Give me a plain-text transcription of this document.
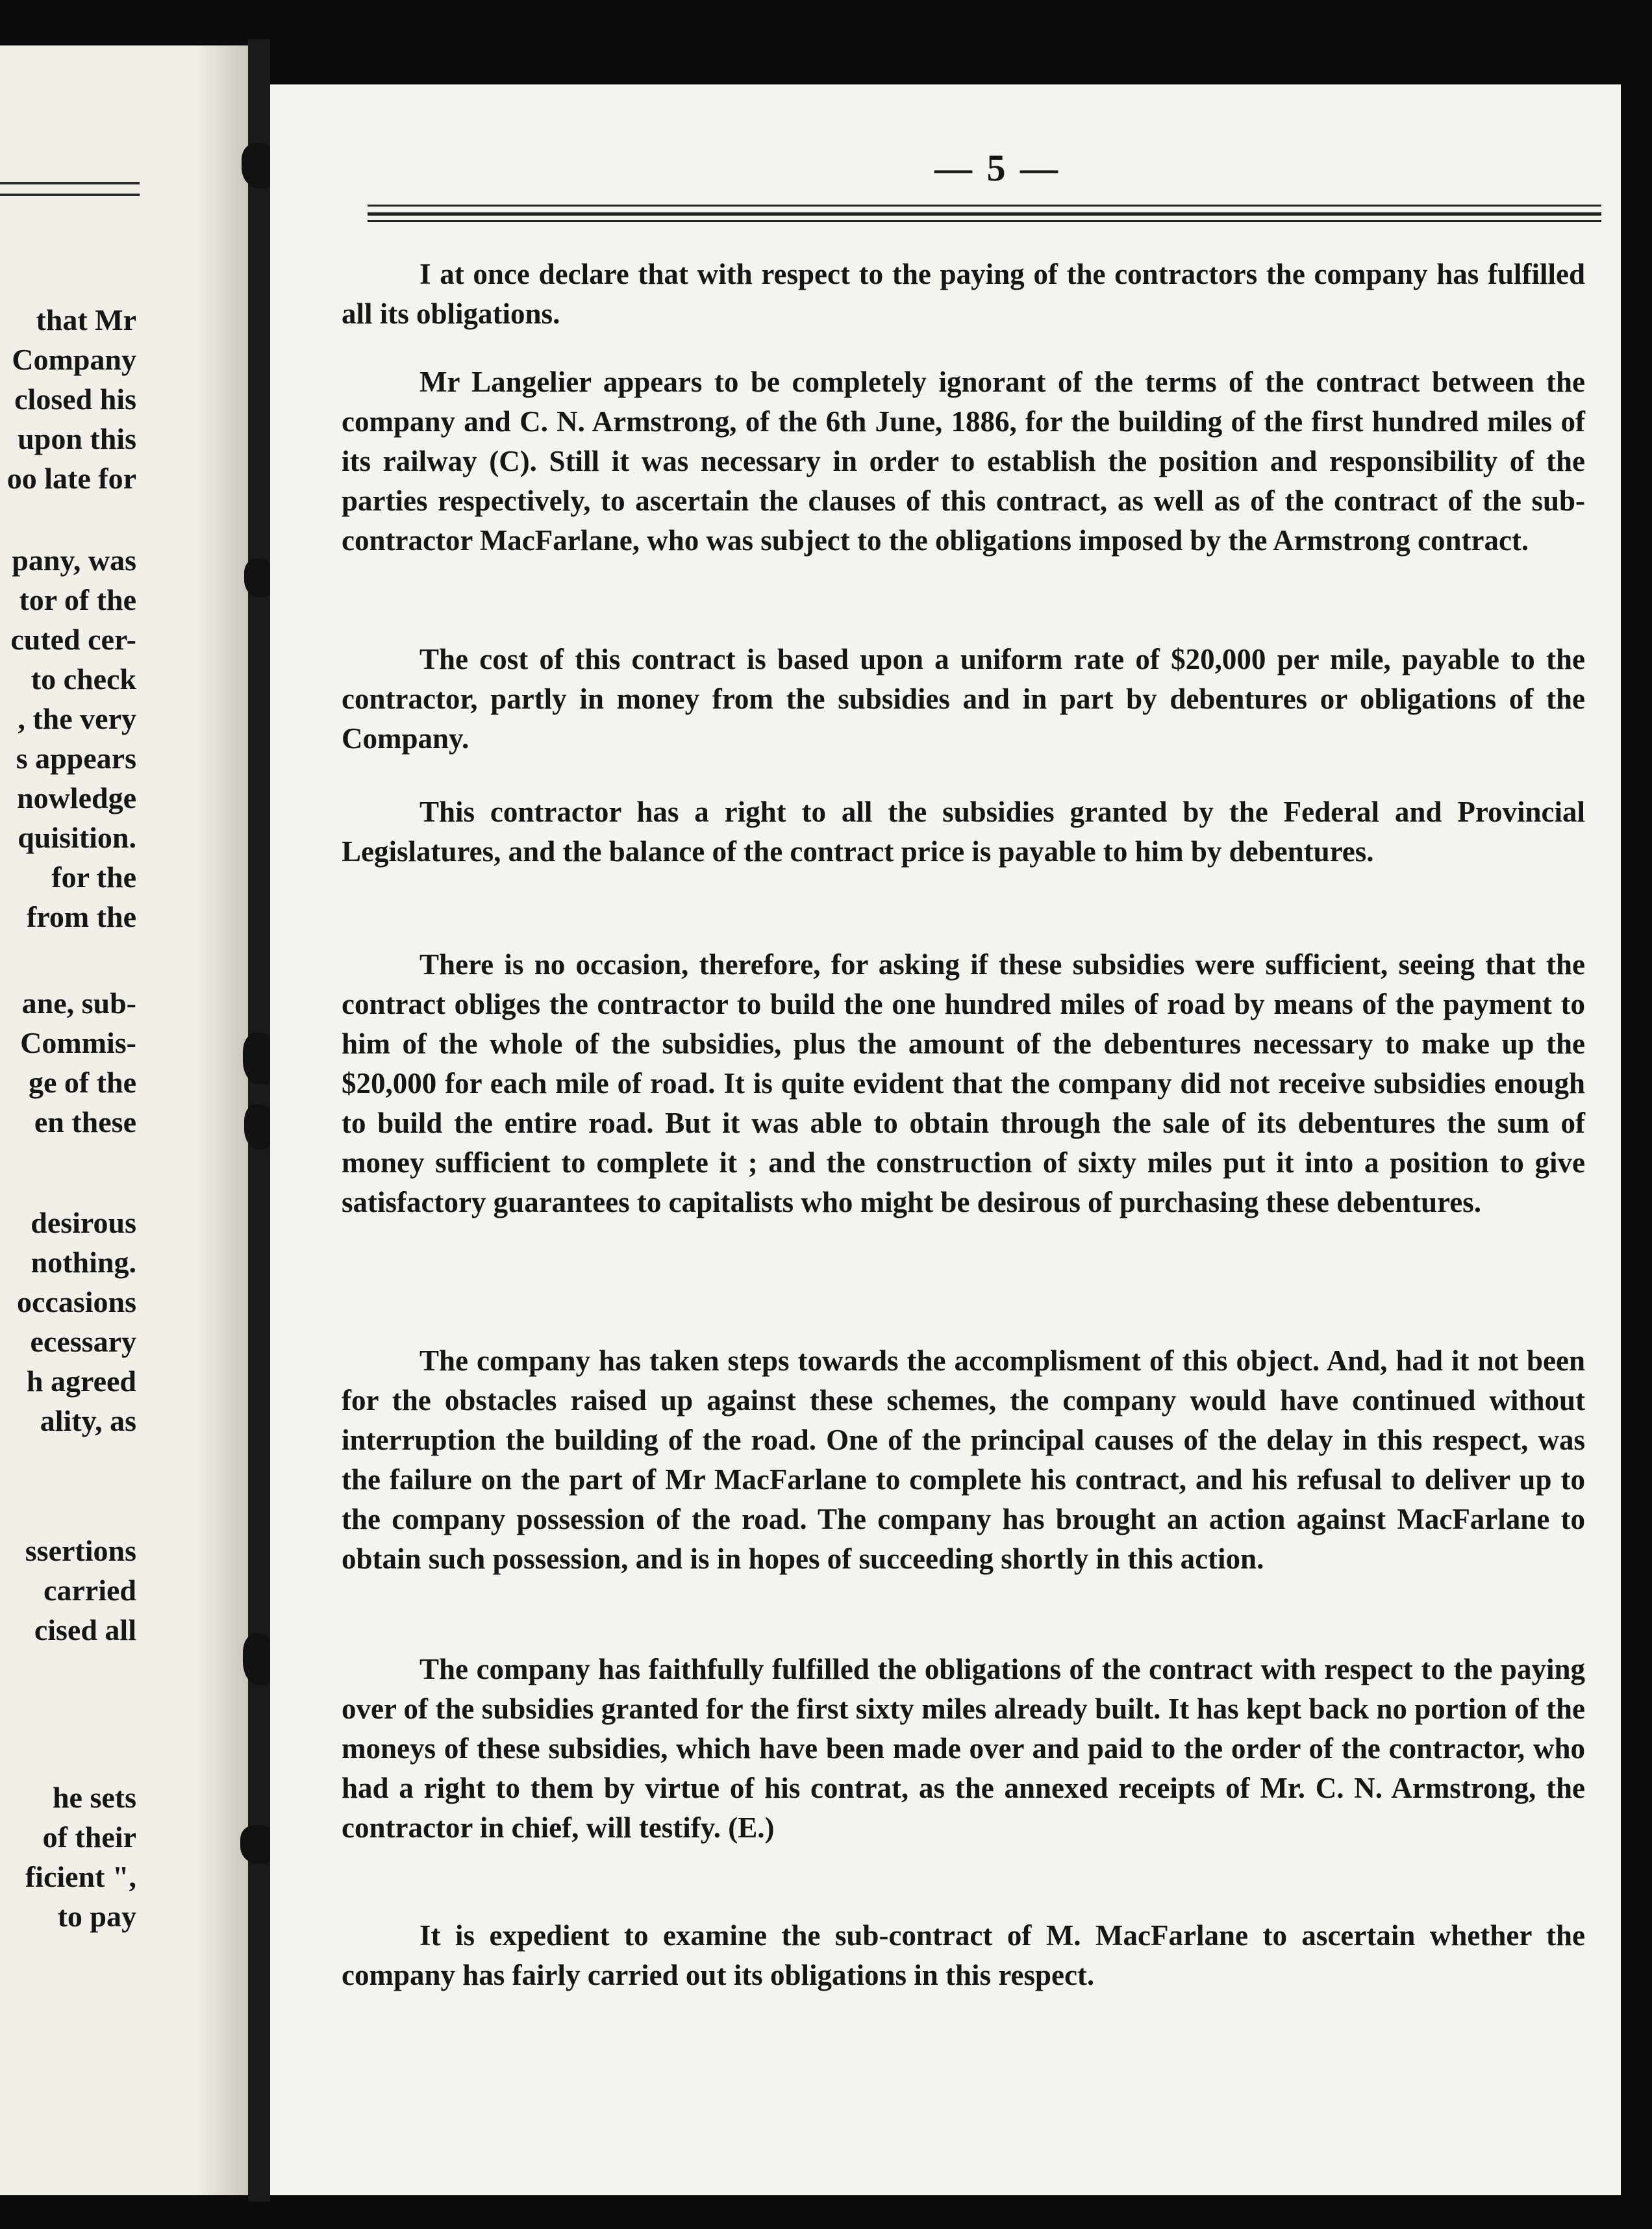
that Mr
Company
closed his
upon this
oo late for
pany, was
tor of the
cuted cer-
to check
, the very
s appears
nowledge
quisition.
for the
from the
ane, sub-
Commis-
ge of the
en these
desirous
nothing.
occasions
ecessary
h agreed
ality, as
ssertions
carried
cised all
he sets
of their
ficient ",
to pay
— 5 —

I at once declare that with respect to the paying of the contractors the company has fulfilled all its obligations.

Mr Langelier appears to be completely ignorant of the terms of the contract between the company and C. N. Armstrong, of the 6th June, 1886, for the building of the first hundred miles of its railway (C). Still it was necessary in order to establish the position and responsibility of the parties respectively, to ascertain the clauses of this contract, as well as of the contract of the sub-contractor MacFarlane, who was subject to the obligations imposed by the Armstrong contract.

The cost of this contract is based upon a uniform rate of $20,000 per mile, payable to the contractor, partly in money from the subsidies and in part by debentures or obligations of the Company.

This contractor has a right to all the subsidies granted by the Federal and Provincial Legislatures, and the balance of the contract price is payable to him by debentures.

There is no occasion, therefore, for asking if these subsidies were sufficient, seeing that the contract obliges the contractor to build the one hundred miles of road by means of the payment to him of the whole of the subsidies, plus the amount of the debentures necessary to make up the $20,000 for each mile of road. It is quite evident that the company did not receive subsidies enough to build the entire road. But it was able to obtain through the sale of its debentures the sum of money sufficient to complete it ; and the construction of sixty miles put it into a position to give satisfactory guarantees to capitalists who might be desirous of purchasing these debentures.

The company has taken steps towards the accomplisment of this object. And, had it not been for the obstacles raised up against these schemes, the company would have continued without interruption the building of the road. One of the principal causes of the delay in this respect, was the failure on the part of Mr MacFarlane to complete his contract, and his refusal to deliver up to the company possession of the road. The company has brought an action against MacFarlane to obtain such possession, and is in hopes of succeeding shortly in this action.

The company has faithfully fulfilled the obligations of the contract with respect to the paying over of the subsidies granted for the first sixty miles already built. It has kept back no portion of the moneys of these subsidies, which have been made over and paid to the order of the contractor, who had a right to them by virtue of his contrat, as the annexed receipts of Mr. C. N. Armstrong, the contractor in chief, will testify. (E.)

It is expedient to examine the sub-contract of M. MacFarlane to ascertain whether the company has fairly carried out its obligations in this respect.
